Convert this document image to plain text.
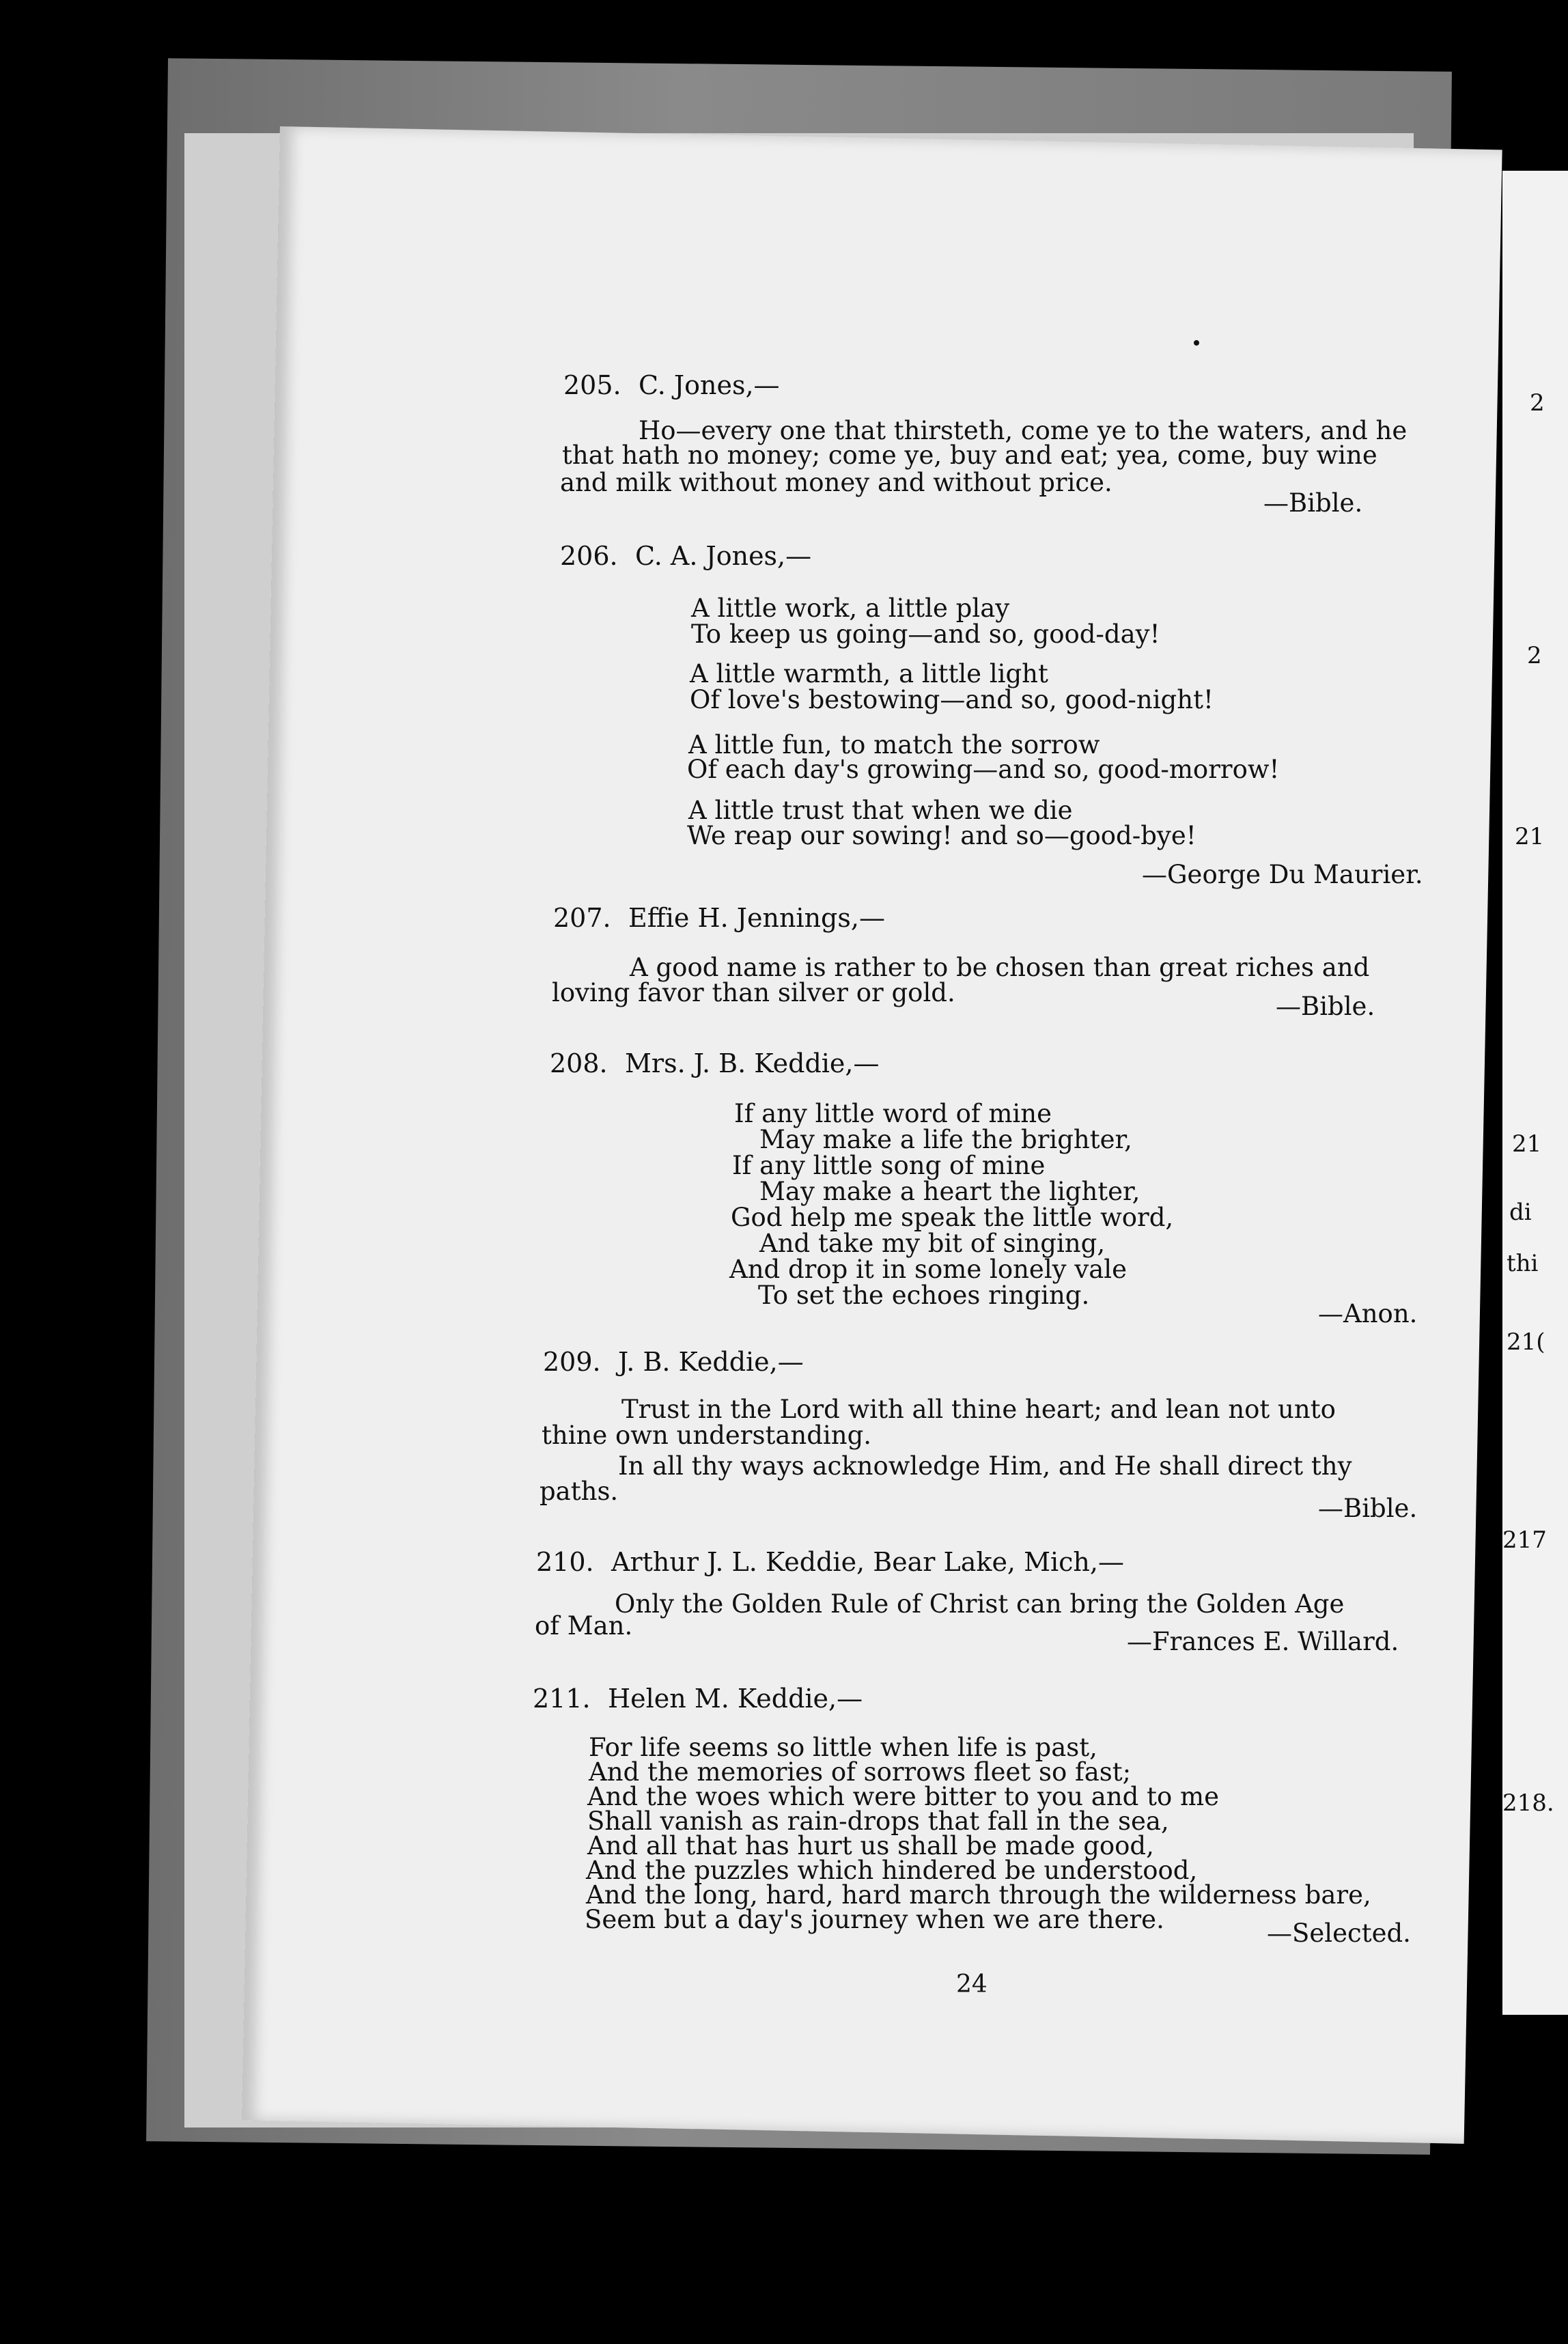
2
2
21
21
di
thi
21(
217
218.
205. C. Jones,—
Ho—every one that thirsteth, come ye to the waters, and he
that hath no money; come ye, buy and eat; yea, come, buy wine
and milk without money and without price.
—Bible.
206. C. A. Jones,—
A little work, a little play
To keep us going—and so, good-day!
A little warmth, a little light
Of love's bestowing—and so, good-night!
A little fun, to match the sorrow
Of each day's growing—and so, good-morrow!
A little trust that when we die
We reap our sowing! and so—good-bye!
—George Du Maurier.
207. Effie H. Jennings,—
A good name is rather to be chosen than great riches and
loving favor than silver or gold.	—Bible.
208. Mrs. J. B. Keddie,—
If any little word of mine
May make a life the brighter,
If any little song of mine
May make a heart the lighter,
God help me speak the little word,
And take my bit of singing,
And drop it in some lonely vale
To set the echoes ringing.
—Anon.
209. J. B. Keddie,—
Trust in the Lord with all thine heart; and lean not unto
thine own understanding.
In all thy ways acknowledge Him, and He shall direct thy
paths.
—Bible.
210. Arthur J. L. Keddie, Bear Lake, Mich,—
Only the Golden Rule of Christ can bring the Golden Age
of Man.
—Frances E. Willard.
211. Helen M. Keddie,—
For life seems so little when life is past,
And the memories of sorrows fleet so fast;
And the woes which were bitter to you and to me
Shall vanish as rain-drops that fall in the sea,
And all that has hurt us shall be made good,
And the puzzles which hindered be understood,
And the long, hard, hard march through the wilderness bare,
Seem but a day's journey when we are there.	—Selected.
24
